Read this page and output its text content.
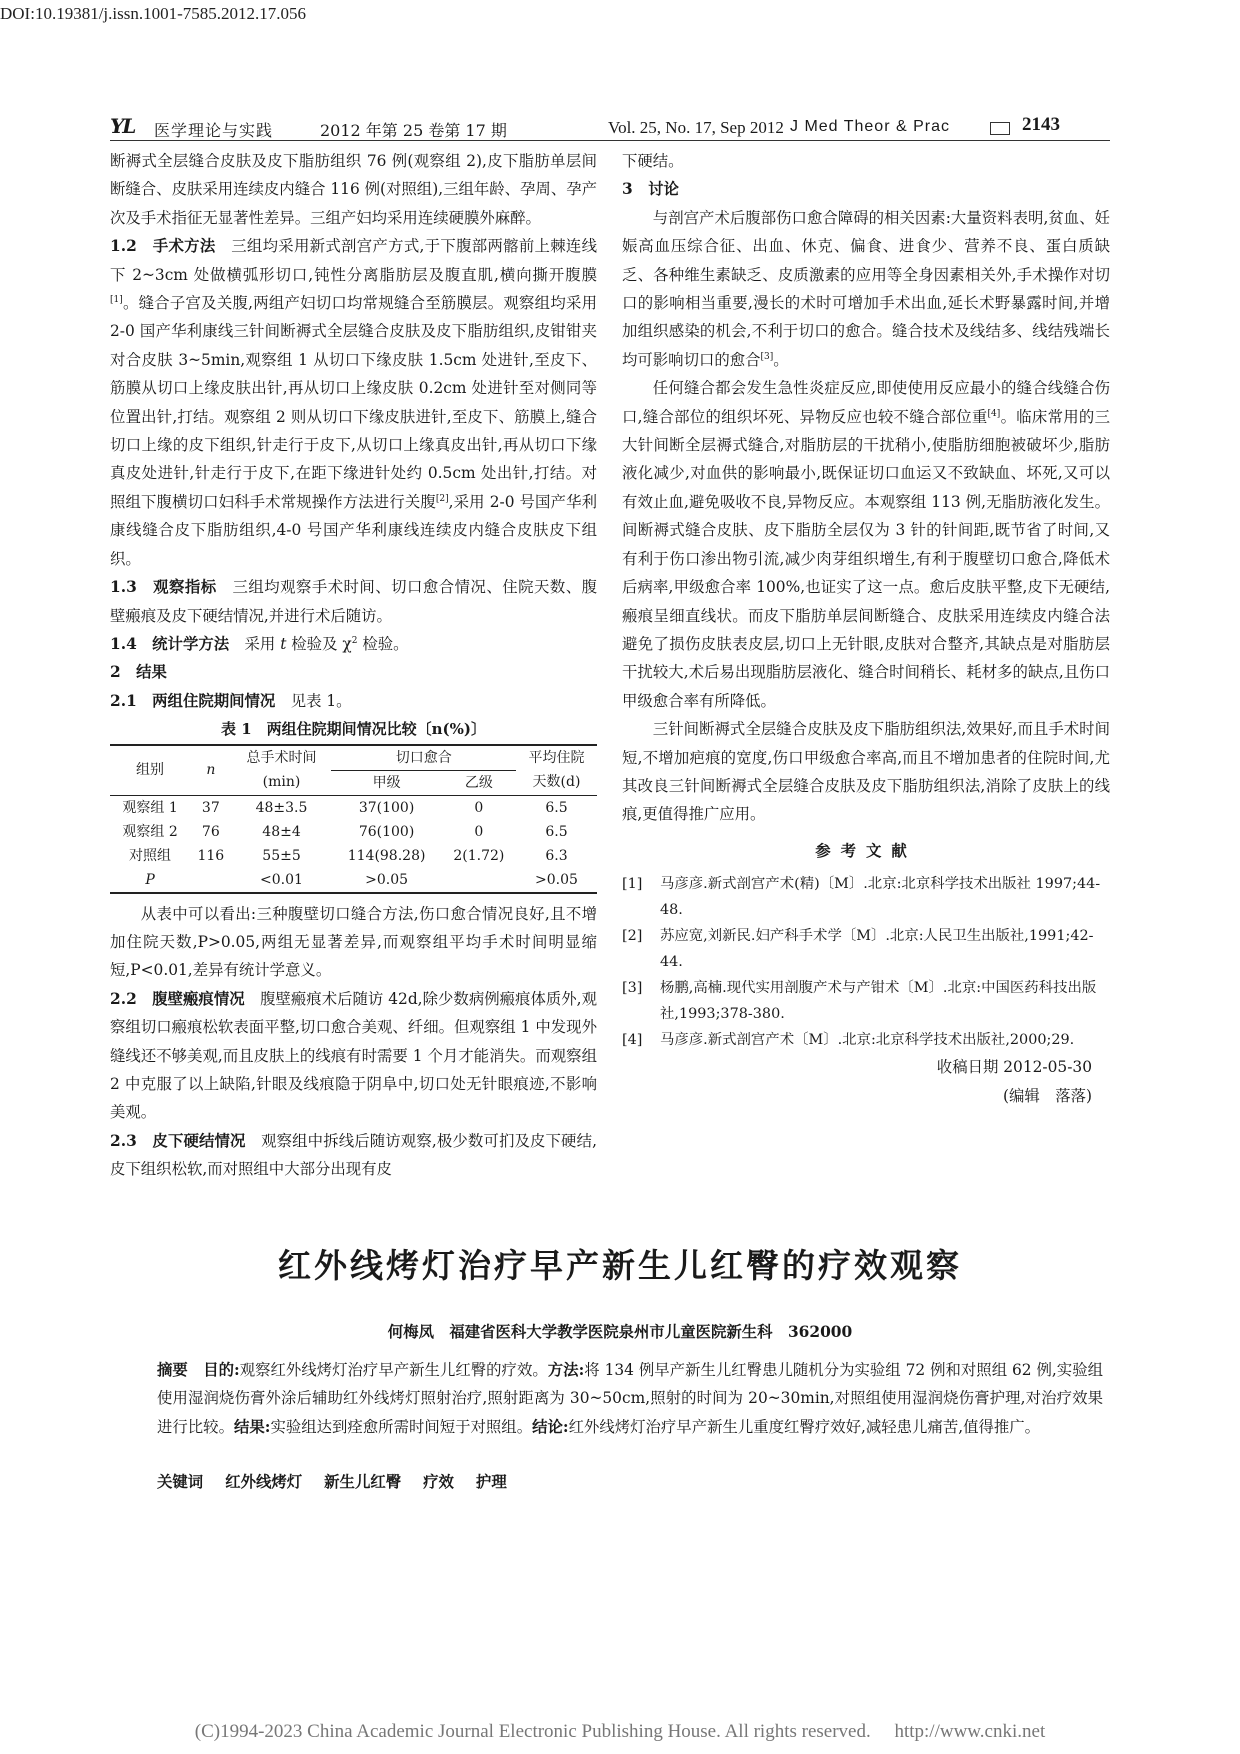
DOI:10.19381/j.issn.1001-7585.2012.17.056
YL 医学理论与实践	2012 年第 25 卷第 17 期	Vol. 25, No. 17, Sep 2012 J Med Theor & Prac	2143

断褥式全层缝合皮肤及皮下脂肪组织 76 例(观察组 2),皮下脂肪单层间断缝合、皮肤采用连续皮内缝合 116 例(对照组),三组年龄、孕周、孕产次及手术指征无显著性差异。三组产妇均采用连续硬膜外麻醉。

1.2　手术方法　三组均采用新式剖宫产方式,于下腹部两髂前上棘连线下 2~3cm 处做横弧形切口,钝性分离脂肪层及腹直肌,横向撕开腹膜[1]。缝合子宫及关腹,两组产妇切口均常规缝合至筋膜层。观察组均采用 2-0 国产华利康线三针间断褥式全层缝合皮肤及皮下脂肪组织,皮钳钳夹对合皮肤 3~5min,观察组 1 从切口下缘皮肤 1.5cm 处进针,至皮下、筋膜从切口上缘皮肤出针,再从切口上缘皮肤 0.2cm 处进针至对侧同等位置出针,打结。观察组 2 则从切口下缘皮肤进针,至皮下、筋膜上,缝合切口上缘的皮下组织,针走行于皮下,从切口上缘真皮出针,再从切口下缘真皮处进针,针走行于皮下,在距下缘进针处约 0.5cm 处出针,打结。对照组下腹横切口妇科手术常规操作方法进行关腹[2],采用 2-0 号国产华利康线缝合皮下脂肪组织,4-0 号国产华利康线连续皮内缝合皮肤皮下组织。

1.3　观察指标　三组均观察手术时间、切口愈合情况、住院天数、腹壁瘢痕及皮下硬结情况,并进行术后随访。

1.4　统计学方法　采用 t 检验及 $\chi^2$ 检验。

2　结果

2.1　两组住院期间情况　见表 1。

表 1　两组住院期间情况比较〔n(%)〕
组别	n	总手术时间	切口愈合		平均住院
		(min)	甲级	乙级	天数(d)
观察组 1	37	48±3.5	37(100)	0	6.5
观察组 2	76	48±4	76(100)	0	6.5
对照组	116	55±5	114(98.28)	2(1.72)	6.3
P		<0.01	>0.05		>0.05

从表中可以看出:三种腹壁切口缝合方法,伤口愈合情况良好,且不增加住院天数,P>0.05,两组无显著差异,而观察组平均手术时间明显缩短,P<0.01,差异有统计学意义。

2.2　腹壁瘢痕情况　腹壁瘢痕术后随访 42d,除少数病例瘢痕体质外,观察组切口瘢痕松软表面平整,切口愈合美观、纤细。但观察组 1 中发现外缝线还不够美观,而且皮肤上的线痕有时需要 1 个月才能消失。而观察组 2 中克服了以上缺陷,针眼及线痕隐于阴阜中,切口处无针眼痕迹,不影响美观。

2.3　皮下硬结情况　观察组中拆线后随访观察,极少数可扪及皮下硬结,皮下组织松软,而对照组中大部分出现有皮

下硬结。

3　讨论

与剖宫产术后腹部伤口愈合障碍的相关因素:大量资料表明,贫血、妊娠高血压综合征、出血、休克、偏食、进食少、营养不良、蛋白质缺乏、各种维生素缺乏、皮质激素的应用等全身因素相关外,手术操作对切口的影响相当重要,漫长的术时可增加手术出血,延长术野暴露时间,并增加组织感染的机会,不利于切口的愈合。缝合技术及线结多、线结残端长均可影响切口的愈合[3]。

任何缝合都会发生急性炎症反应,即使使用反应最小的缝合线缝合伤口,缝合部位的组织坏死、异物反应也较不缝合部位重[4]。临床常用的三大针间断全层褥式缝合,对脂肪层的干扰稍小,使脂肪细胞被破坏少,脂肪液化减少,对血供的影响最小,既保证切口血运又不致缺血、坏死,又可以有效止血,避免吸收不良,异物反应。本观察组 113 例,无脂肪液化发生。间断褥式缝合皮肤、皮下脂肪全层仅为 3 针的针间距,既节省了时间,又有利于伤口渗出物引流,减少肉芽组织增生,有利于腹壁切口愈合,降低术后病率,甲级愈合率 100%,也证实了这一点。愈后皮肤平整,皮下无硬结,瘢痕呈细直线状。而皮下脂肪单层间断缝合、皮肤采用连续皮内缝合法避免了损伤皮肤表皮层,切口上无针眼,皮肤对合整齐,其缺点是对脂肪层干扰较大,术后易出现脂肪层液化、缝合时间稍长、耗材多的缺点,且伤口甲级愈合率有所降低。

三针间断褥式全层缝合皮肤及皮下脂肪组织法,效果好,而且手术时间短,不增加疤痕的宽度,伤口甲级愈合率高,而且不增加患者的住院时间,尤其改良三针间断褥式全层缝合皮肤及皮下脂肪组织法,消除了皮肤上的线痕,更值得推广应用。

参考文献
[1]	马彦彦.新式剖宫产术(精)〔M〕.北京:北京科学技术出版社 1997;44-48.
[2]	苏应宽,刘新民.妇产科手术学〔M〕.北京:人民卫生出版社,1991;42-44.
[3]	杨鹏,高楠.现代实用剖腹产术与产钳术〔M〕.北京:中国医药科技出版社,1993;378-380.
[4]	马彦彦.新式剖宫产术〔M〕.北京:北京科学技术出版社,2000;29.
收稿日期 2012-05-30
(编辑　落落)
红外线烤灯治疗早产新生儿红臀的疗效观察
何梅凤　福建省医科大学教学医院泉州市儿童医院新生科　362000
摘要　目的:观察红外线烤灯治疗早产新生儿红臀的疗效。方法:将 134 例早产新生儿红臀患儿随机分为实验组 72 例和对照组 62 例,实验组使用湿润烧伤膏外涂后辅助红外线烤灯照射治疗,照射距离为 30~50cm,照射的时间为 20~30min,对照组使用湿润烧伤膏护理,对治疗效果进行比较。结果:实验组达到痊愈所需时间短于对照组。结论:红外线烤灯治疗早产新生儿重度红臀疗效好,减轻患儿痛苦,值得推广。
关键词 红外线烤灯 新生儿红臀 疗效 护理
(C)1994-2023 China Academic Journal Electronic Publishing House. All rights reserved.　 http://www.cnki.net
